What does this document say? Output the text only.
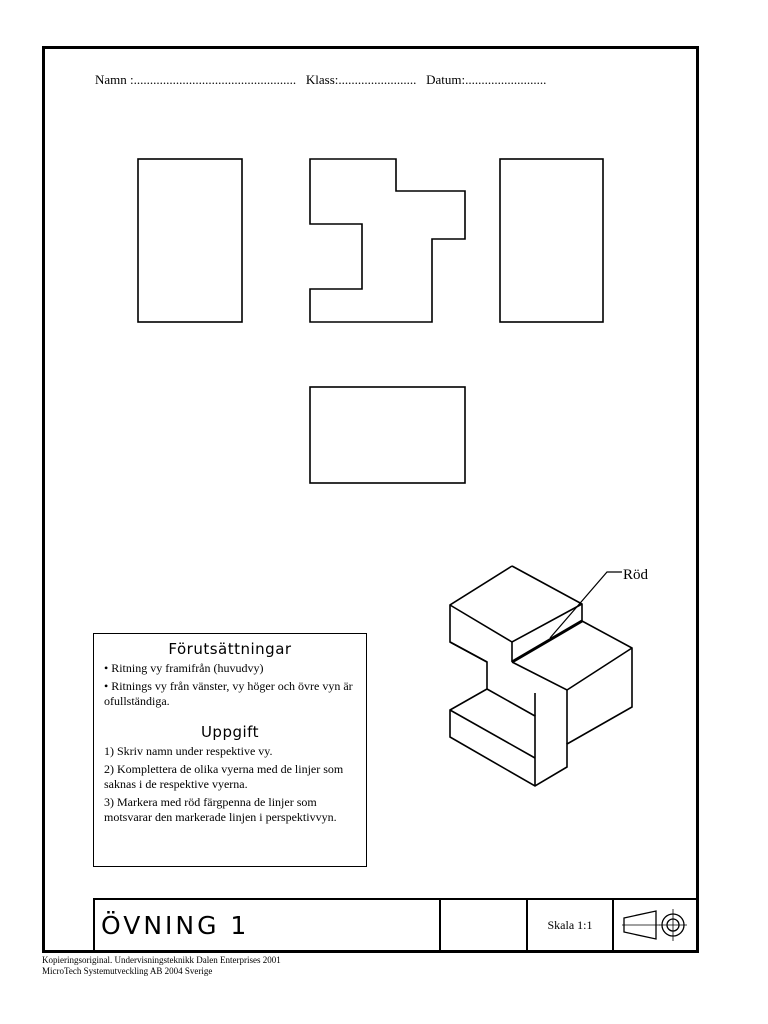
Namn :.................................................. Klass:........................ Datum:.........................
Röd
Förutsättningar

• Ritning vy framifrån (huvudvy)

• Ritnings vy från vänster, vy höger och övre vyn är ofullständiga.

Uppgift

1) Skriv namn under respektive vy.

2) Komplettera de olika vyerna med de linjer som saknas i de respektive vyerna.

3) Markera med röd färgpenna de linjer som motsvarar den markerade linjen i perspektivvyn.

ÖVNING 1	Skala 1:1
Kopieringsoriginal. Undervisningsteknikk Dalen Enterprises 2001
MicroTech Systemutveckling AB 2004 Sverige
